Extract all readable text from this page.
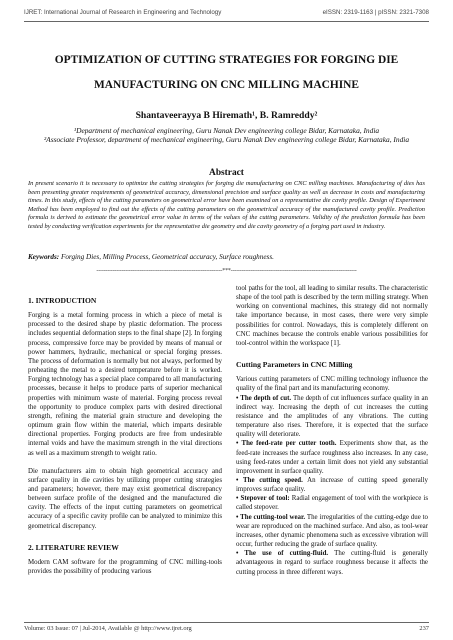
IJRET: International Journal of Research in Engineering and Technology	eISSN: 2319-1163 | pISSN: 2321-7308
OPTIMIZATION OF CUTTING STRATEGIES FOR FORGING DIE MANUFACTURING ON CNC MILLING MACHINE
Shantaveerayya B Hiremath¹, B. Ramreddy²
¹Department of mechanical engineering, Guru Nanak Dev engineering college Bidar, Karnataka, India
²Associate Professor, department of mechanical engineering, Guru Nanak Dev engineering college Bidar, Karnataka, India
Abstract
In present scenario it is necessary to optimize the cutting strategies for forging die manufacturing on CNC milling machines. Manufacturing of dies has been presenting greater requirements of geometrical accuracy, dimensional precision and surface quality as well as decrease in costs and manufacturing times. In this study, effects of the cutting parameters on geometrical error have been examined on a representative die cavity profile. Design of Experiment Method has been employed to find out the effects of the cutting parameters on the geometrical accuracy of the manufactured cavity profile. Prediction formula is derived to estimate the geometrical error value in terms of the values of the cutting parameters. Validity of the prediction formula has been tested by conducting verification experiments for the representative die geometry and die cavity geometry of a forging part used in industry.
Keywords: Forging Dies, Milling Process, Geometrical accuracy, Surface roughness.
----------------------------------------------------------------------***----------------------------------------------------------------------
1. INTRODUCTION

Forging is a metal forming process in which a piece of metal is processed to the desired shape by plastic deformation. The process includes sequential deformation steps to the final shape [2]. In forging process, compressive force may be provided by means of manual or power hammers, hydraulic, mechanical or special forging presses. The process of deformation is normally but not always, performed by preheating the metal to a desired temperature before it is worked. Forging technology has a special place compared to all manufacturing processes, because it helps to produce parts of superior mechanical properties with minimum waste of material. Forging process reveal the opportunity to produce complex parts with desired directional strength, refining the material grain structure and developing the optimum grain flow within the material, which imparts desirable directional properties. Forging products are free from undesirable internal voids and have the maximum strength in the vital directions as well as a maximum strength to weight ratio.

Die manufacturers aim to obtain high geometrical accuracy and surface quality in die cavities by utilizing proper cutting strategies and parameters; however, there may exist geometrical discrepancy between surface profile of the designed and the manufactured die cavity. The effects of the input cutting parameters on geometrical accuracy of a specific cavity profile can be analyzed to minimize this geometrical discrepancy.

2. LITERATURE REVIEW

Modern CAM software for the programming of CNC milling-tools provides the possibility of producing various

tool paths for the tool, all leading to similar results. The characteristic shape of the tool path is described by the term milling strategy. When working on conventional machines, this strategy did not normally take importance because, in most cases, there were very simple possibilities for control. Nowadays, this is completely different on CNC machines because the controls enable various possibilities for tool-control within the workspace [1].

Cutting Parameters in CNC Milling

Various cutting parameters of CNC milling technology influence the quality of the final part and its manufacturing economy.

• The depth of cut. The depth of cut influences surface quality in an indirect way. Increasing the depth of cut increases the cutting resistance and the amplitudes of any vibrations. The cutting temperature also rises. Therefore, it is expected that the surface quality will deteriorate.
• The feed-rate per cutter tooth. Experiments show that, as the feed-rate increases the surface roughness also increases. In any case, using feed-rates under a certain limit does not yield any substantial improvement in surface quality.
• The cutting speed. An increase of cutting speed generally improves surface quality.
• Stepover of tool: Radial engagement of tool with the workpiece is called stepover.
• The cutting-tool wear. The irregularities of the cutting-edge due to wear are reproduced on the machined surface. And also, as tool-wear increases, other dynamic phenomena such as excessive vibration will occur, further reducing the grade of surface quality.
• The use of cutting-fluid. The cutting-fluid is generally advantageous in regard to surface roughness because it affects the cutting process in three different ways.
Volume: 03 Issue: 07 | Jul-2014, Available @ http://www.ijret.org	237
